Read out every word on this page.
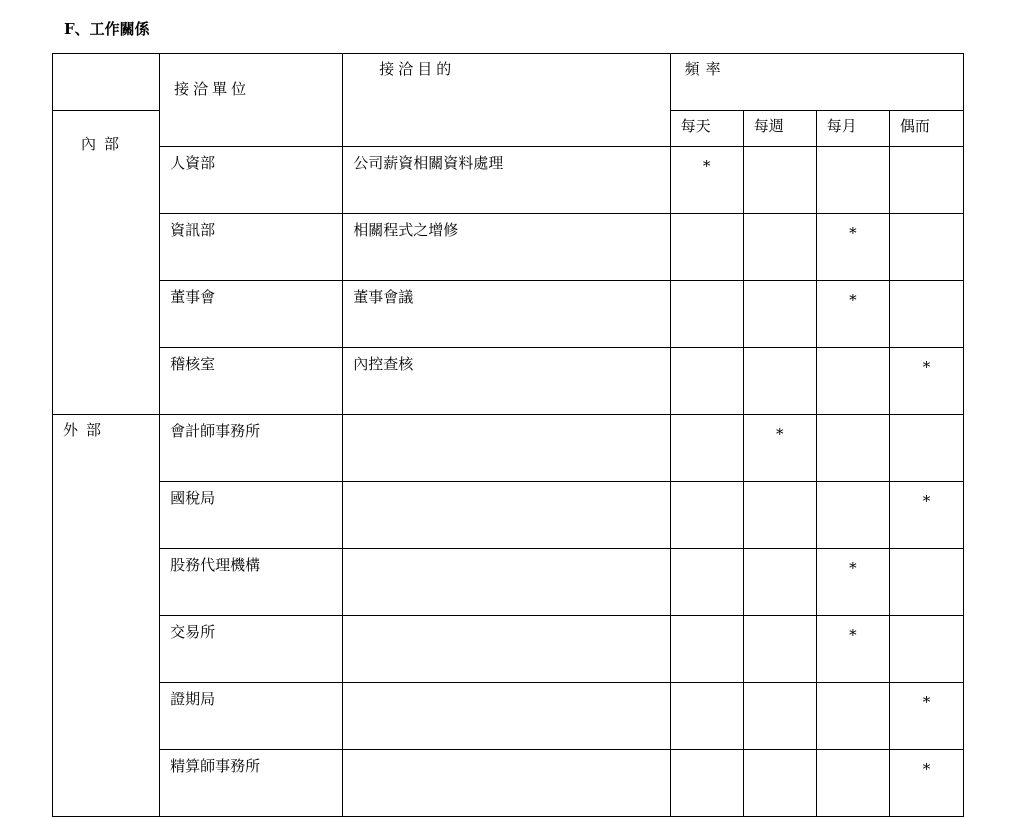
F、工作關係
	接洽單位	接洽目的	頻率			
內部			每天	每週	每月	偶而
	人資部	公司薪資相關資料處理	*			
	資訊部	相關程式之增修			*	
	董事會	董事會議			*	
	稽核室	內控查核				*
外部	會計師事務所			*		
	國稅局					*
	股務代理機構				*	
	交易所				*	
	證期局					*
	精算師事務所					*
